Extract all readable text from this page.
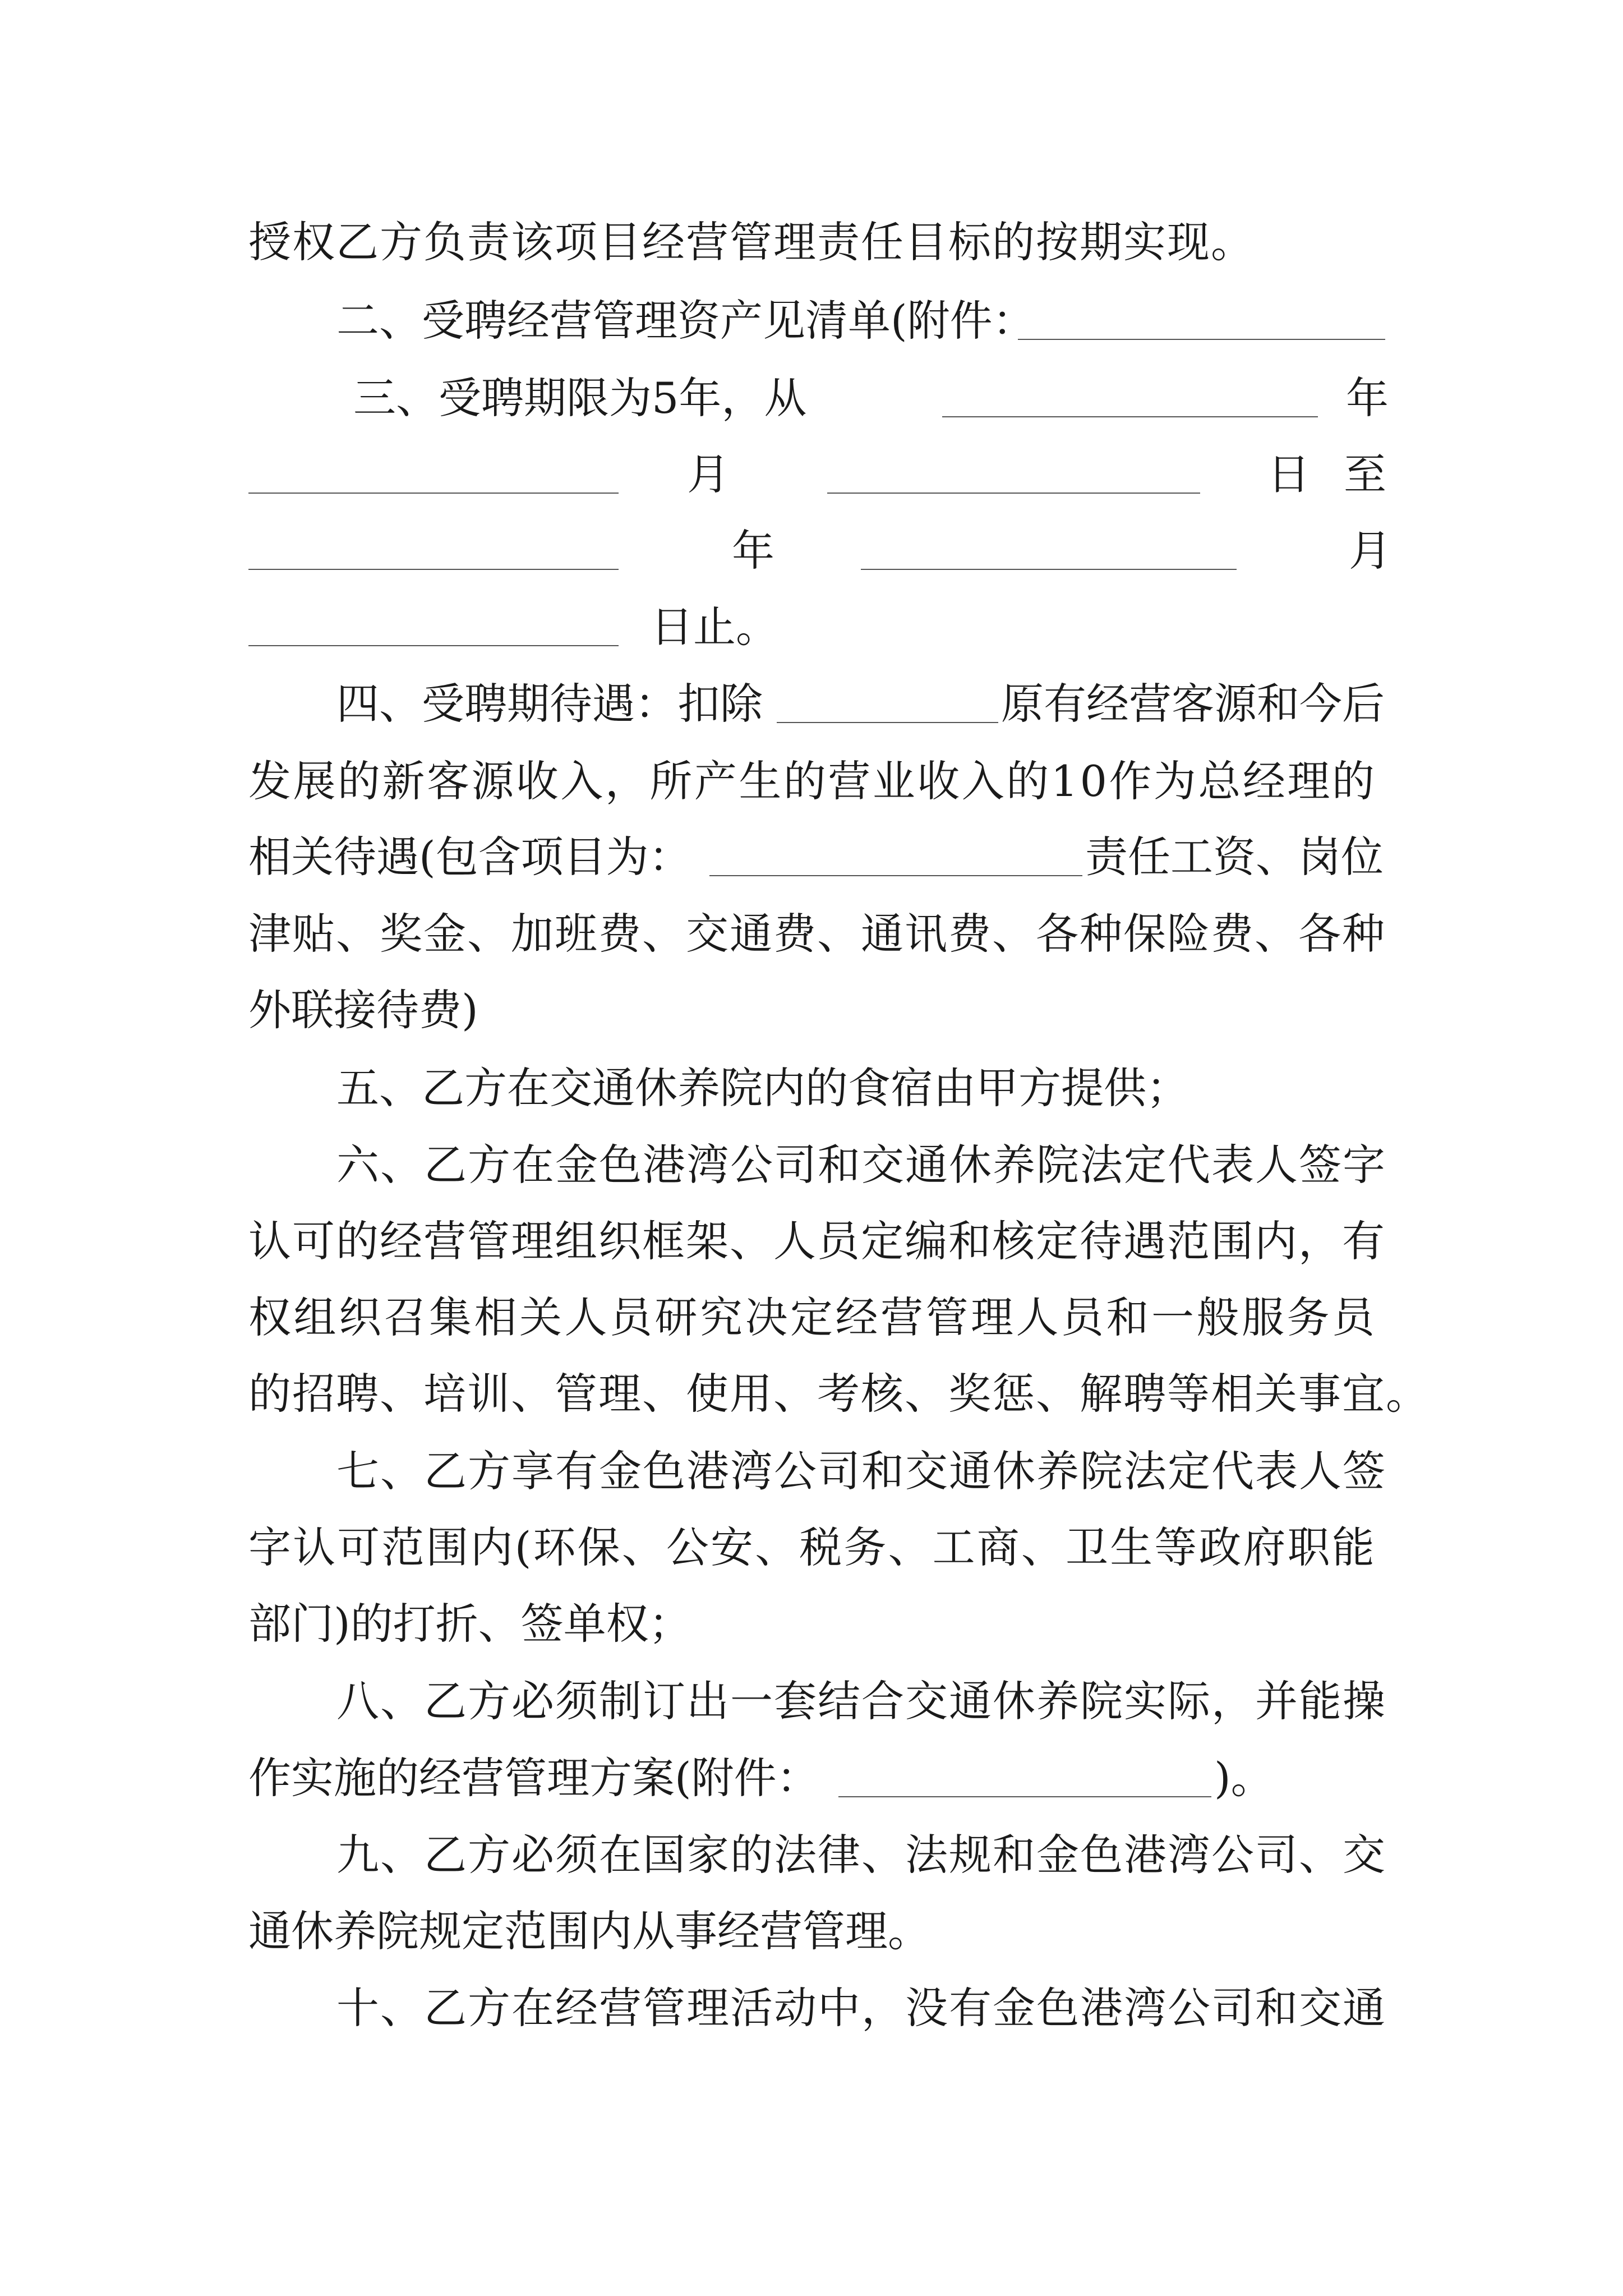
授 权 乙 方 负 责 该 项 目 经 营 管 理 责 任 目 标 的 按 期 实 现 。
二、受聘经营管理资产见清单(附件：
三、受聘期限为5年，从	年
月	日至
年	月
日止。
四、受聘期待遇：扣除	原有经营客源和今后
发 展 的 新 客 源 收 入 ， 所 产 生 的 营 业 收 入 的 1 0 作 为 总 经 理 的
相关待遇(包含项目为：	责任工资、岗位
津 贴 、 奖 金 、 加 班 费 、 交 通 费 、 通 讯 费 、 各 种 保 险 费 、 各 种
外联接待费)
五、乙方在交通休养院内的食宿由甲方提供；
六 、 乙 方 在 金 色 港 湾 公 司 和 交 通 休 养 院 法 定 代 表 人 签 字
认 可 的 经 营 管 理 组 织 框 架 、 人 员 定 编 和 核 定 待 遇 范 围 内 ， 有
权 组 织 召 集 相 关 人 员 研 究 决 定 经 营 管 理 人 员 和 一 般 服 务 员
的 招 聘 、 培 训 、 管 理 、 使 用 、 考 核 、 奖 惩 、 解 聘 等 相 关 事 宜 。
七 、 乙 方 享 有 金 色 港 湾 公 司 和 交 通 休 养 院 法 定 代 表 人 签
字 认 可 范 围 内 ( 环 保 、 公 安 、 税 务 、 工 商 、 卫 生 等 政 府 职 能
部门)的打折、签单权；
八 、 乙 方 必 须 制 订 出 一 套 结 合 交 通 休 养 院 实 际 ， 并 能 操
作实施的经营管理方案(附件：	)。
九 、 乙 方 必 须 在 国 家 的 法 律 、 法 规 和 金 色 港 湾 公 司 、 交
通休养院规定范围内从事经营管理。
十 、 乙 方 在 经 营 管 理 活 动 中 ， 没 有 金 色 港 湾 公 司 和 交 通
